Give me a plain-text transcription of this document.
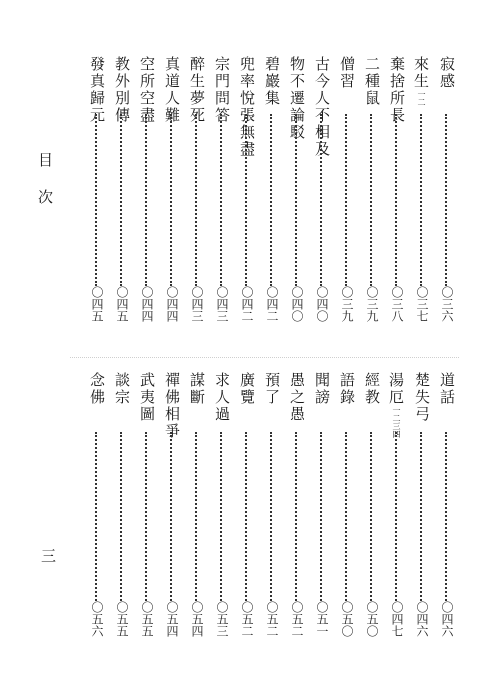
目次
三
寂感
〇三六
來生一二
〇三七
棄捨所長
〇三八
二種鼠
〇三九
僧習
〇三九
古今人不相及
〇四〇
物不遷論駁
〇四〇
碧巖集
〇四二
兜率悅張無盡
〇四二
宗門問答
〇四三
醉生夢死
〇四三
真道人難
〇四四
空所空盡
〇四四
教外別傳
〇四五
發真歸元
〇四五
道話
〇四六
楚失弓
〇四六
湯厄一二三四
〇四七
經教
〇五〇
語錄
〇五〇
聞謗
〇五一
愚之愚
〇五二
預了
〇五二
廣覽
〇五二
求人過
〇五三
謀斷
〇五四
禪佛相爭
〇五四
武夷圖
〇五五
談宗
〇五五
念佛
〇五六
